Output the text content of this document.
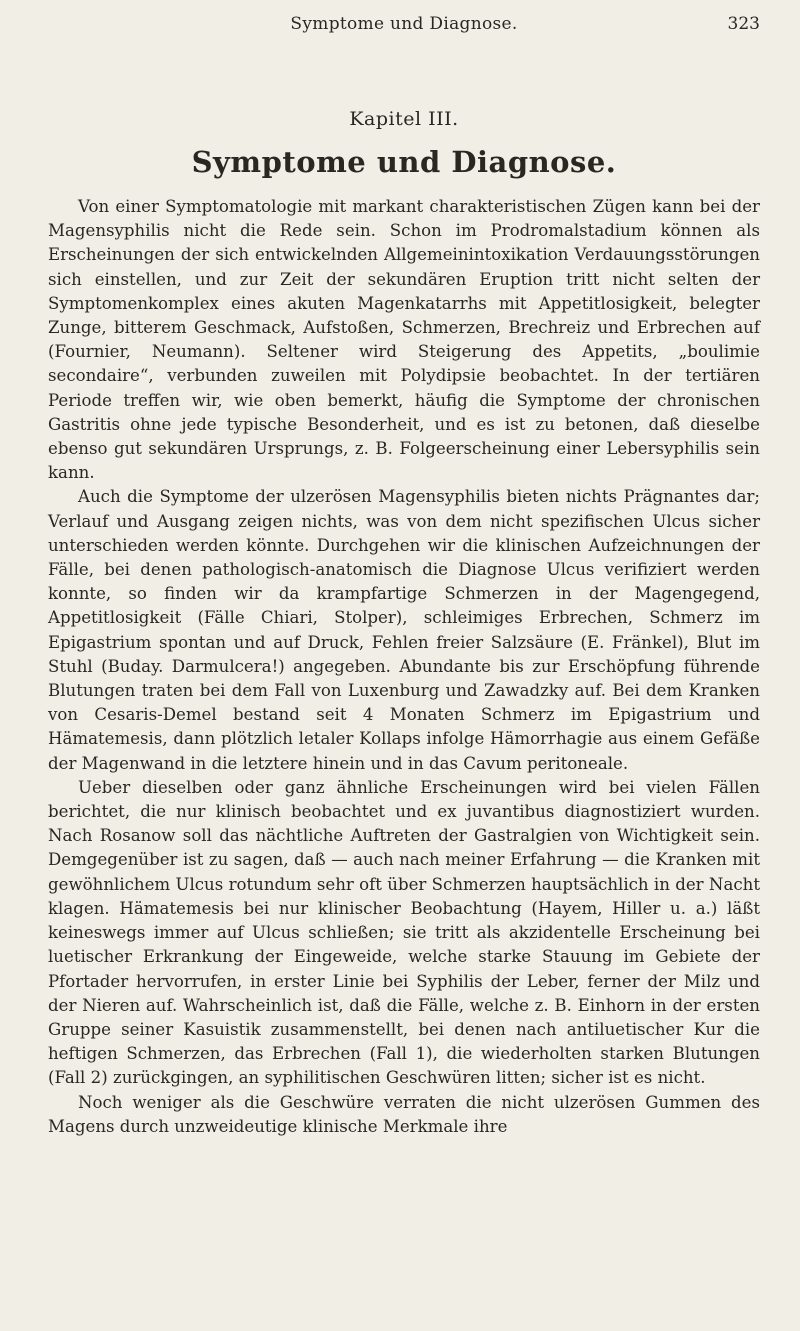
Symptome und Diagnose.	323
Kapitel III.
Symptome und Diagnose.

Von einer Symptomatologie mit markant charakteristischen Zügen kann bei der Magensyphilis nicht die Rede sein. Schon im Prodromalstadium können als Erscheinungen der sich entwickelnden Allgemeinintoxikation Verdauungsstörungen sich einstellen, und zur Zeit der sekundären Eruption tritt nicht selten der Symptomenkomplex eines akuten Magenkatarrhs mit Appetitlosigkeit, belegter Zunge, bitterem Geschmack, Aufstoßen, Schmerzen, Brechreiz und Erbrechen auf (Fournier, Neumann). Seltener wird Steigerung des Appetits, „boulimie secondaire“, verbunden zuweilen mit Polydipsie beobachtet. In der tertiären Periode treffen wir, wie oben bemerkt, häufig die Symptome der chronischen Gastritis ohne jede typische Besonderheit, und es ist zu betonen, daß dieselbe ebenso gut sekundären Ursprungs, z. B. Folgeerscheinung einer Lebersyphilis sein kann.

Auch die Symptome der ulzerösen Magensyphilis bieten nichts Prägnantes dar; Verlauf und Ausgang zeigen nichts, was von dem nicht spezifischen Ulcus sicher unterschieden werden könnte. Durchgehen wir die klinischen Aufzeichnungen der Fälle, bei denen pathologisch-anatomisch die Diagnose Ulcus verifiziert werden konnte, so finden wir da krampfartige Schmerzen in der Magengegend, Appetitlosigkeit (Fälle Chiari, Stolper), schleimiges Erbrechen, Schmerz im Epigastrium spontan und auf Druck, Fehlen freier Salzsäure (E. Fränkel), Blut im Stuhl (Buday. Darmulcera!) angegeben. Abundante bis zur Erschöpfung führende Blutungen traten bei dem Fall von Luxenburg und Zawadzky auf. Bei dem Kranken von Cesaris-Demel bestand seit 4 Monaten Schmerz im Epigastrium und Hämatemesis, dann plötzlich letaler Kollaps infolge Hämorrhagie aus einem Gefäße der Magenwand in die letztere hinein und in das Cavum peritoneale.

Ueber dieselben oder ganz ähnliche Erscheinungen wird bei vielen Fällen berichtet, die nur klinisch beobachtet und ex juvantibus diagnostiziert wurden. Nach Rosanow soll das nächtliche Auftreten der Gastralgien von Wichtigkeit sein. Demgegenüber ist zu sagen, daß — auch nach meiner Erfahrung — die Kranken mit gewöhnlichem Ulcus rotundum sehr oft über Schmerzen hauptsächlich in der Nacht klagen. Hämatemesis bei nur klinischer Beobachtung (Hayem, Hiller u. a.) läßt keineswegs immer auf Ulcus schließen; sie tritt als akzidentelle Erscheinung bei luetischer Erkrankung der Eingeweide, welche starke Stauung im Gebiete der Pfortader hervorrufen, in erster Linie bei Syphilis der Leber, ferner der Milz und der Nieren auf. Wahrscheinlich ist, daß die Fälle, welche z. B. Einhorn in der ersten Gruppe seiner Kasuistik zusammenstellt, bei denen nach antiluetischer Kur die heftigen Schmerzen, das Erbrechen (Fall 1), die wiederholten starken Blutungen (Fall 2) zurückgingen, an syphilitischen Geschwüren litten; sicher ist es nicht.

Noch weniger als die Geschwüre verraten die nicht ulzerösen Gummen des Magens durch unzweideutige klinische Merkmale ihre
